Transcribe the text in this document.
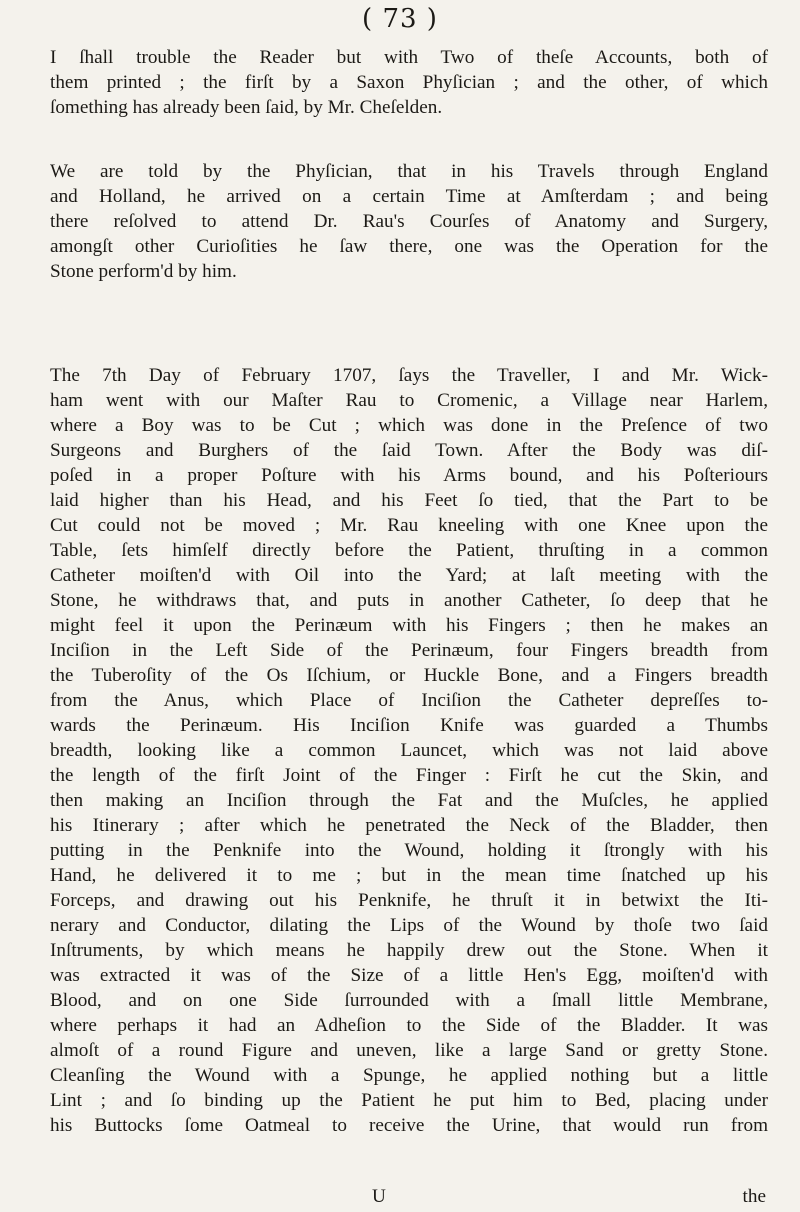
( 73 )
I ſhall trouble the Reader but with Two of theſe Accounts, both of
them printed ; the firſt by a Saxon Phyſician ; and the other, of which
ſomething has already been ſaid, by Mr. Cheſelden.
We are told by the Phyſician, that in his Travels through England
and Holland, he arrived on a certain Time at Amſterdam ; and being
there reſolved to attend Dr. Rau's Courſes of Anatomy and Surgery,
amongſt other Curioſities he ſaw there, one was the Operation for the
Stone perform'd by him.
The 7th Day of February 1707, ſays the Traveller, I and Mr. Wick-
ham went with our Maſter Rau to Cromenic, a Village near Harlem,
where a Boy was to be Cut ; which was done in the Preſence of two
Surgeons and Burghers of the ſaid Town. After the Body was diſ-
poſed in a proper Poſture with his Arms bound, and his Poſteriours
laid higher than his Head, and his Feet ſo tied, that the Part to be
Cut could not be moved ; Mr. Rau kneeling with one Knee upon the
Table, ſets himſelf directly before the Patient, thruſting in a common
Catheter moiſten'd with Oil into the Yard; at laſt meeting with the
Stone, he withdraws that, and puts in another Catheter, ſo deep that he
might feel it upon the Perinæum with his Fingers ; then he makes an
Inciſion in the Left Side of the Perinæum, four Fingers breadth from
the Tuberoſity of the Os Iſchium, or Huckle Bone, and a Fingers breadth
from the Anus, which Place of Inciſion the Catheter depreſſes to-
wards the Perinæum. His Inciſion Knife was guarded a Thumbs
breadth, looking like a common Launcet, which was not laid above
the length of the firſt Joint of the Finger : Firſt he cut the Skin, and
then making an Inciſion through the Fat and the Muſcles, he applied
his Itinerary ; after which he penetrated the Neck of the Bladder, then
putting in the Penknife into the Wound, holding it ſtrongly with his
Hand, he delivered it to me ; but in the mean time ſnatched up his
Forceps, and drawing out his Penknife, he thruſt it in betwixt the Iti-
nerary and Conductor, dilating the Lips of the Wound by thoſe two ſaid
Inſtruments, by which means he happily drew out the Stone. When it
was extracted it was of the Size of a little Hen's Egg, moiſten'd with
Blood, and on one Side ſurrounded with a ſmall little Membrane,
where perhaps it had an Adheſion to the Side of the Bladder. It was
almoſt of a round Figure and uneven, like a large Sand or gretty Stone.
Cleanſing the Wound with a Spunge, he applied nothing but a little
Lint ; and ſo binding up the Patient he put him to Bed, placing under
his Buttocks ſome Oatmeal to receive the Urine, that would run from
U	the
